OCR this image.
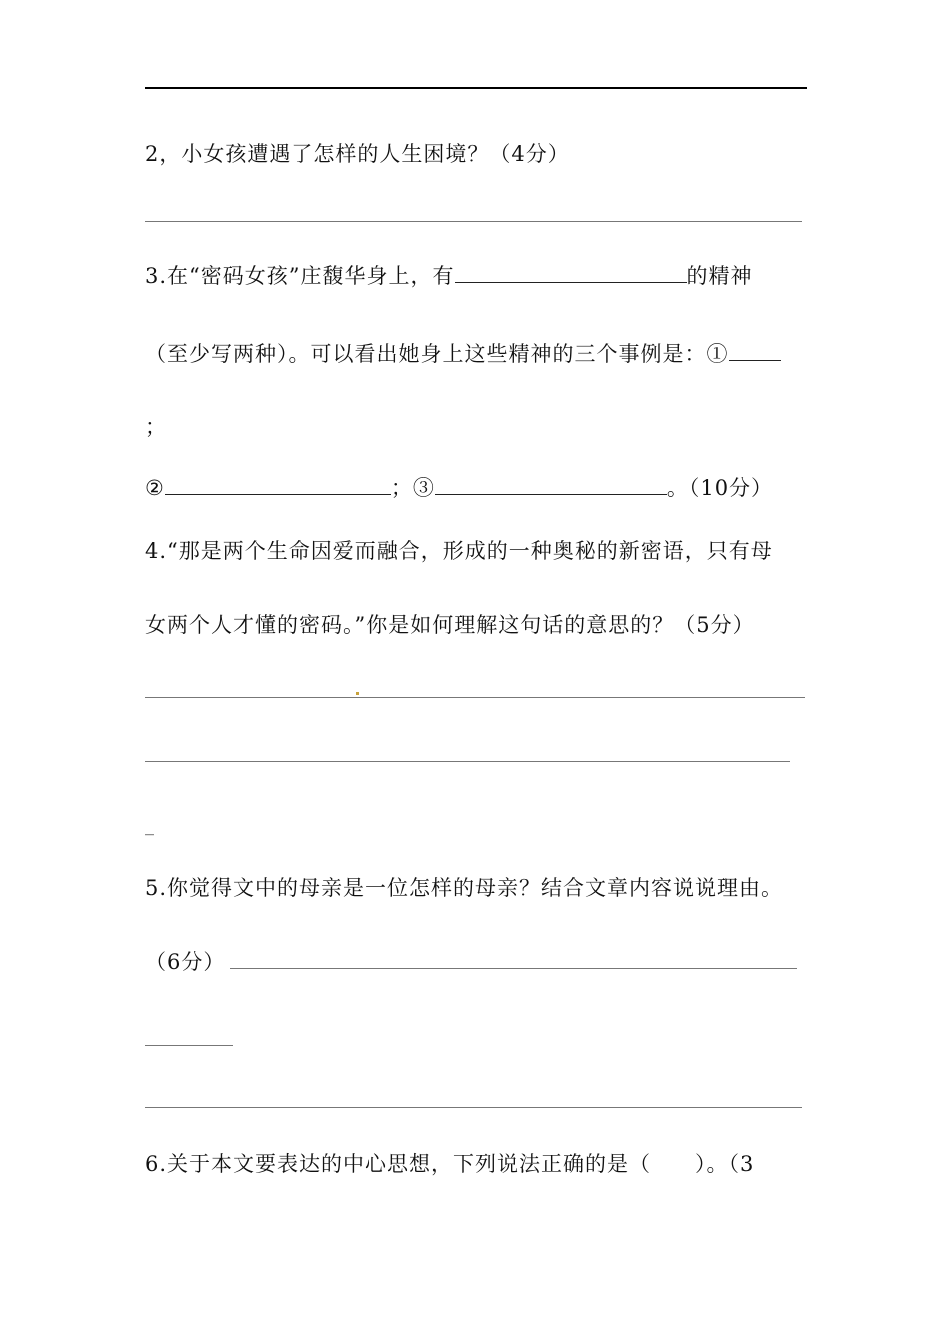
2，小女孩遭遇了怎样的人生困境？（4分）
3.在“密码女孩”庄馥华身上，有	的精神
（至少写两种）。可以看出她身上这些精神的三个事例是：①
；
②	；③	。（10分）
4.“那是两个生命因爱而融合，形成的一种奥秘的新密语，只有母
女两个人才懂的密码。”你是如何理解这句话的意思的？（5分）
_
5.你觉得文中的母亲是一位怎样的母亲？结合文章内容说说理由。
（6分）
6.关于本文要表达的中心思想，下列说法正确的是（　　）。（3
